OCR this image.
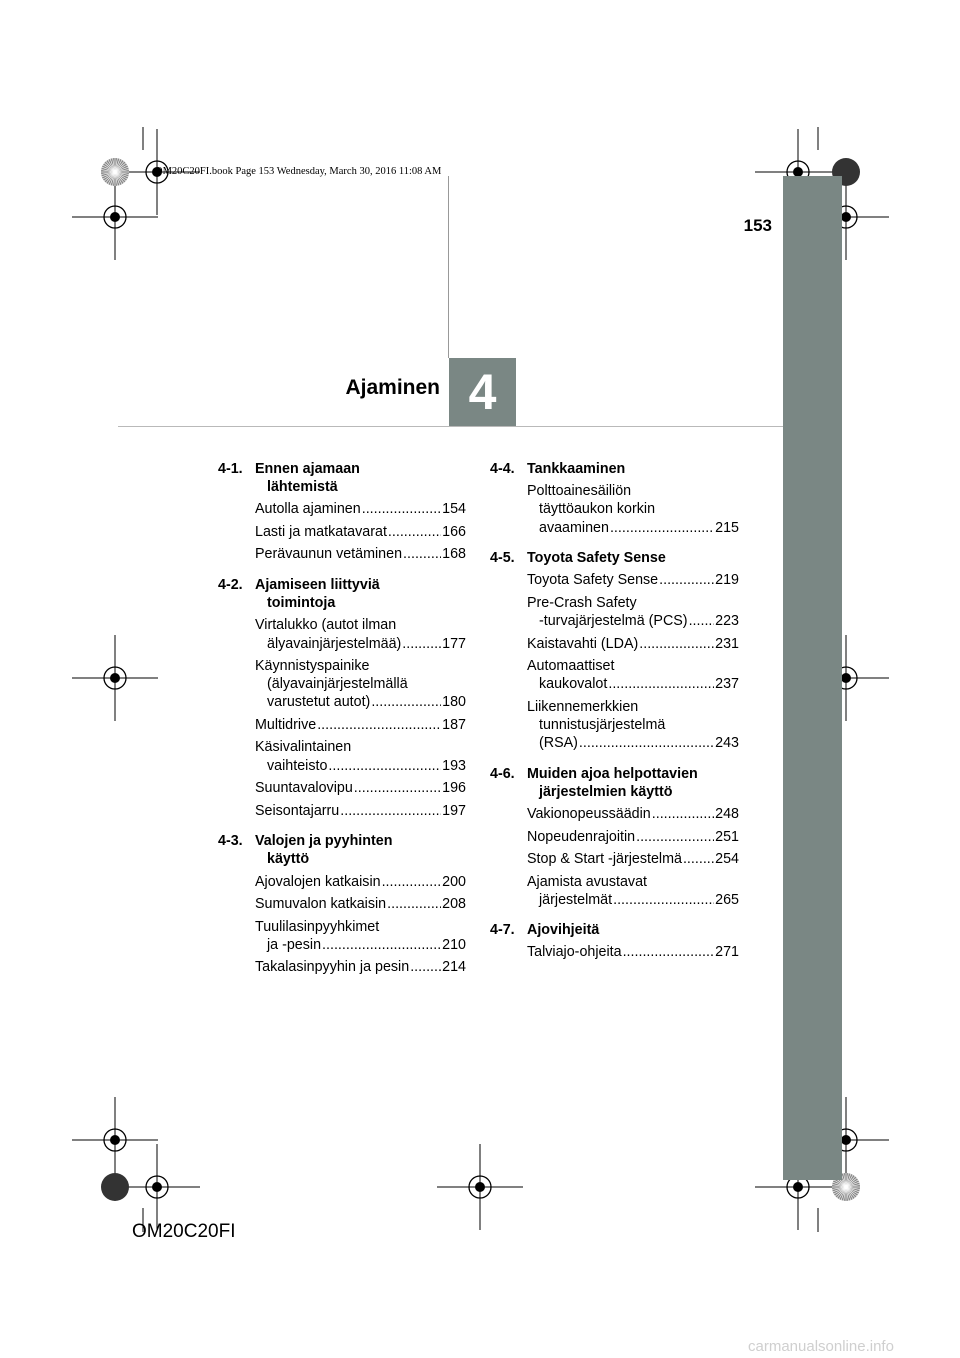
OM20C20FI.book Page 153 Wednesday, March 30, 2016 11:08 AM
153
Ajaminen 4
4-1. Ennen ajamaan
lähtemistä
Autolla ajaminen .....	154
Lasti ja matkatavarat .....	166
Perävaunun vetäminen .....	168
4-2. Ajamiseen liittyviä
toimintoja
Virtalukko (autot ilman
älyavainjärjestelmää) .....	177
Käynnistyspainike
(älyavainjärjestelmällä
varustetut autot) .....	180
Multidrive .....	187
Käsivalintainen
vaihteisto .....	193
Suuntavalovipu .....	196
Seisontajarru .....	197
4-3. Valojen ja pyyhinten
käyttö
Ajovalojen katkaisin .....	200
Sumuvalon katkaisin .....	208
Tuulilasinpyyhkimet
ja -pesin .....	210
Takalasinpyyhin ja pesin ..... 214
4-4. Tankkaaminen
Polttoainesäiliön
täyttöaukon korkin
avaaminen .....	215
4-5. Toyota Safety Sense
Toyota Safety Sense .....	219
Pre-Crash Safety
-turvajärjestelmä (PCS) ..... 223
Kaistavahti (LDA) .....	231
Automaattiset
kaukovalot .....	237
Liikennemerkkien
tunnistusjärjestelmä
(RSA) .....	243
4-6. Muiden ajoa helpottavien
järjestelmien käyttö
Vakionopeussäädin .....	248
Nopeudenrajoitin .....	251
Stop & Start -järjestelmä ..... 254
Ajamista avustavat
järjestelmät .....	265
4-7. Ajovihjeitä
Talviajo-ohjeita .....	271
OM20C20FI
carmanualsonline.info
